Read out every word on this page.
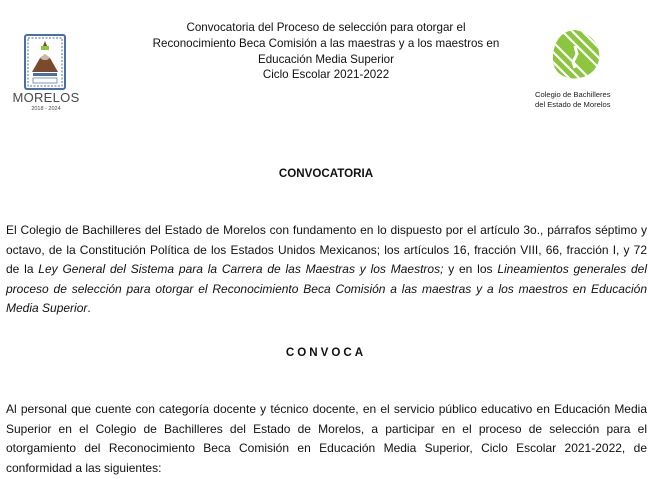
MORELOS
2018 - 2024
Convocatoria del Proceso de selección para otorgar el
Reconocimiento Beca Comisión a las maestras y a los maestros en
Educación Media Superior
Ciclo Escolar 2021-2022
Colegio de Bachilleres
del Estado de Morelos
CONVOCATORIA

El Colegio de Bachilleres del Estado de Morelos con fundamento en lo dispuesto por el artículo 3o., párrafos séptimo y octavo, de la Constitución Política de los Estados Unidos Mexicanos; los artículos 16, fracción VIII, 66, fracción I, y 72 de la Ley General del Sistema para la Carrera de las Maestras y los Maestros; y en los Lineamientos generales del proceso de selección para otorgar el Reconocimiento Beca Comisión a las maestras y a los maestros en Educación Media Superior.

CONVOCA

Al personal que cuente con categoría docente y técnico docente, en el servicio público educativo en Educación Media Superior en el Colegio de Bachilleres del Estado de Morelos, a participar en el proceso de selección para el otorgamiento del Reconocimiento Beca Comisión en Educación Media Superior, Ciclo Escolar 2021-2022, de conformidad a las siguientes:
